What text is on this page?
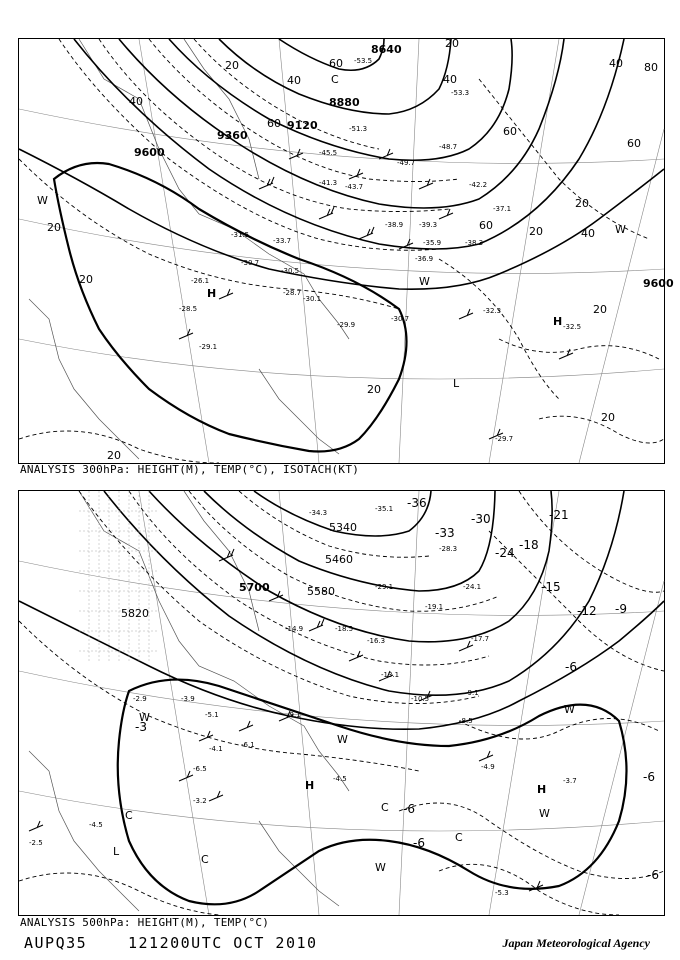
8640
8880
9120
9360
9600
9600
20
40
60
40
60
20
40
60
40
60
80
20
20
20
20
20
60
20
40
20
20
-53.5
-51.3
-53.3
-48.7
-45.5
-49.7
-41.3 -43.7
-38.9
-35.9
-31.5
-30.7
-33.7
-30.5
-28.7
-29.9
-30.1
-30.7
-32.3
-32.5
-29.7
-26.1
-28.5
-29.1
-36.9
-38.3
-42.2
-39.3
-37.1
H
H
W
W
W
C
L
ANALYSIS 300hPa: HEIGHT(M), TEMP(°C), ISOTACH(KT)
5340
5460
5580
5700
5820
-36
-30
-33
-24
-21
-18
-15
-12 -9
-6
-6
-3
-6
-6
-6
-34.3	-35.1
-28.3
-29.1	-24.1
-19.1
-17.7
-18.5
-16.3
-14.9
-13.1
-10.5
-9.1
-8.5
-4.9
-3.7
-5.3
-4.5
-9.1
-3.9
-2.9
-5.1
-4.1	-6.1
-2.5
-4.5
-3.2
-6.5
W
W
W
W
W
H	H
C
C
C
C
L
ANALYSIS 500hPa: HEIGHT(M), TEMP(°C)
AUPQ35	121200UTC OCT 2010	Japan Meteorological Agency
